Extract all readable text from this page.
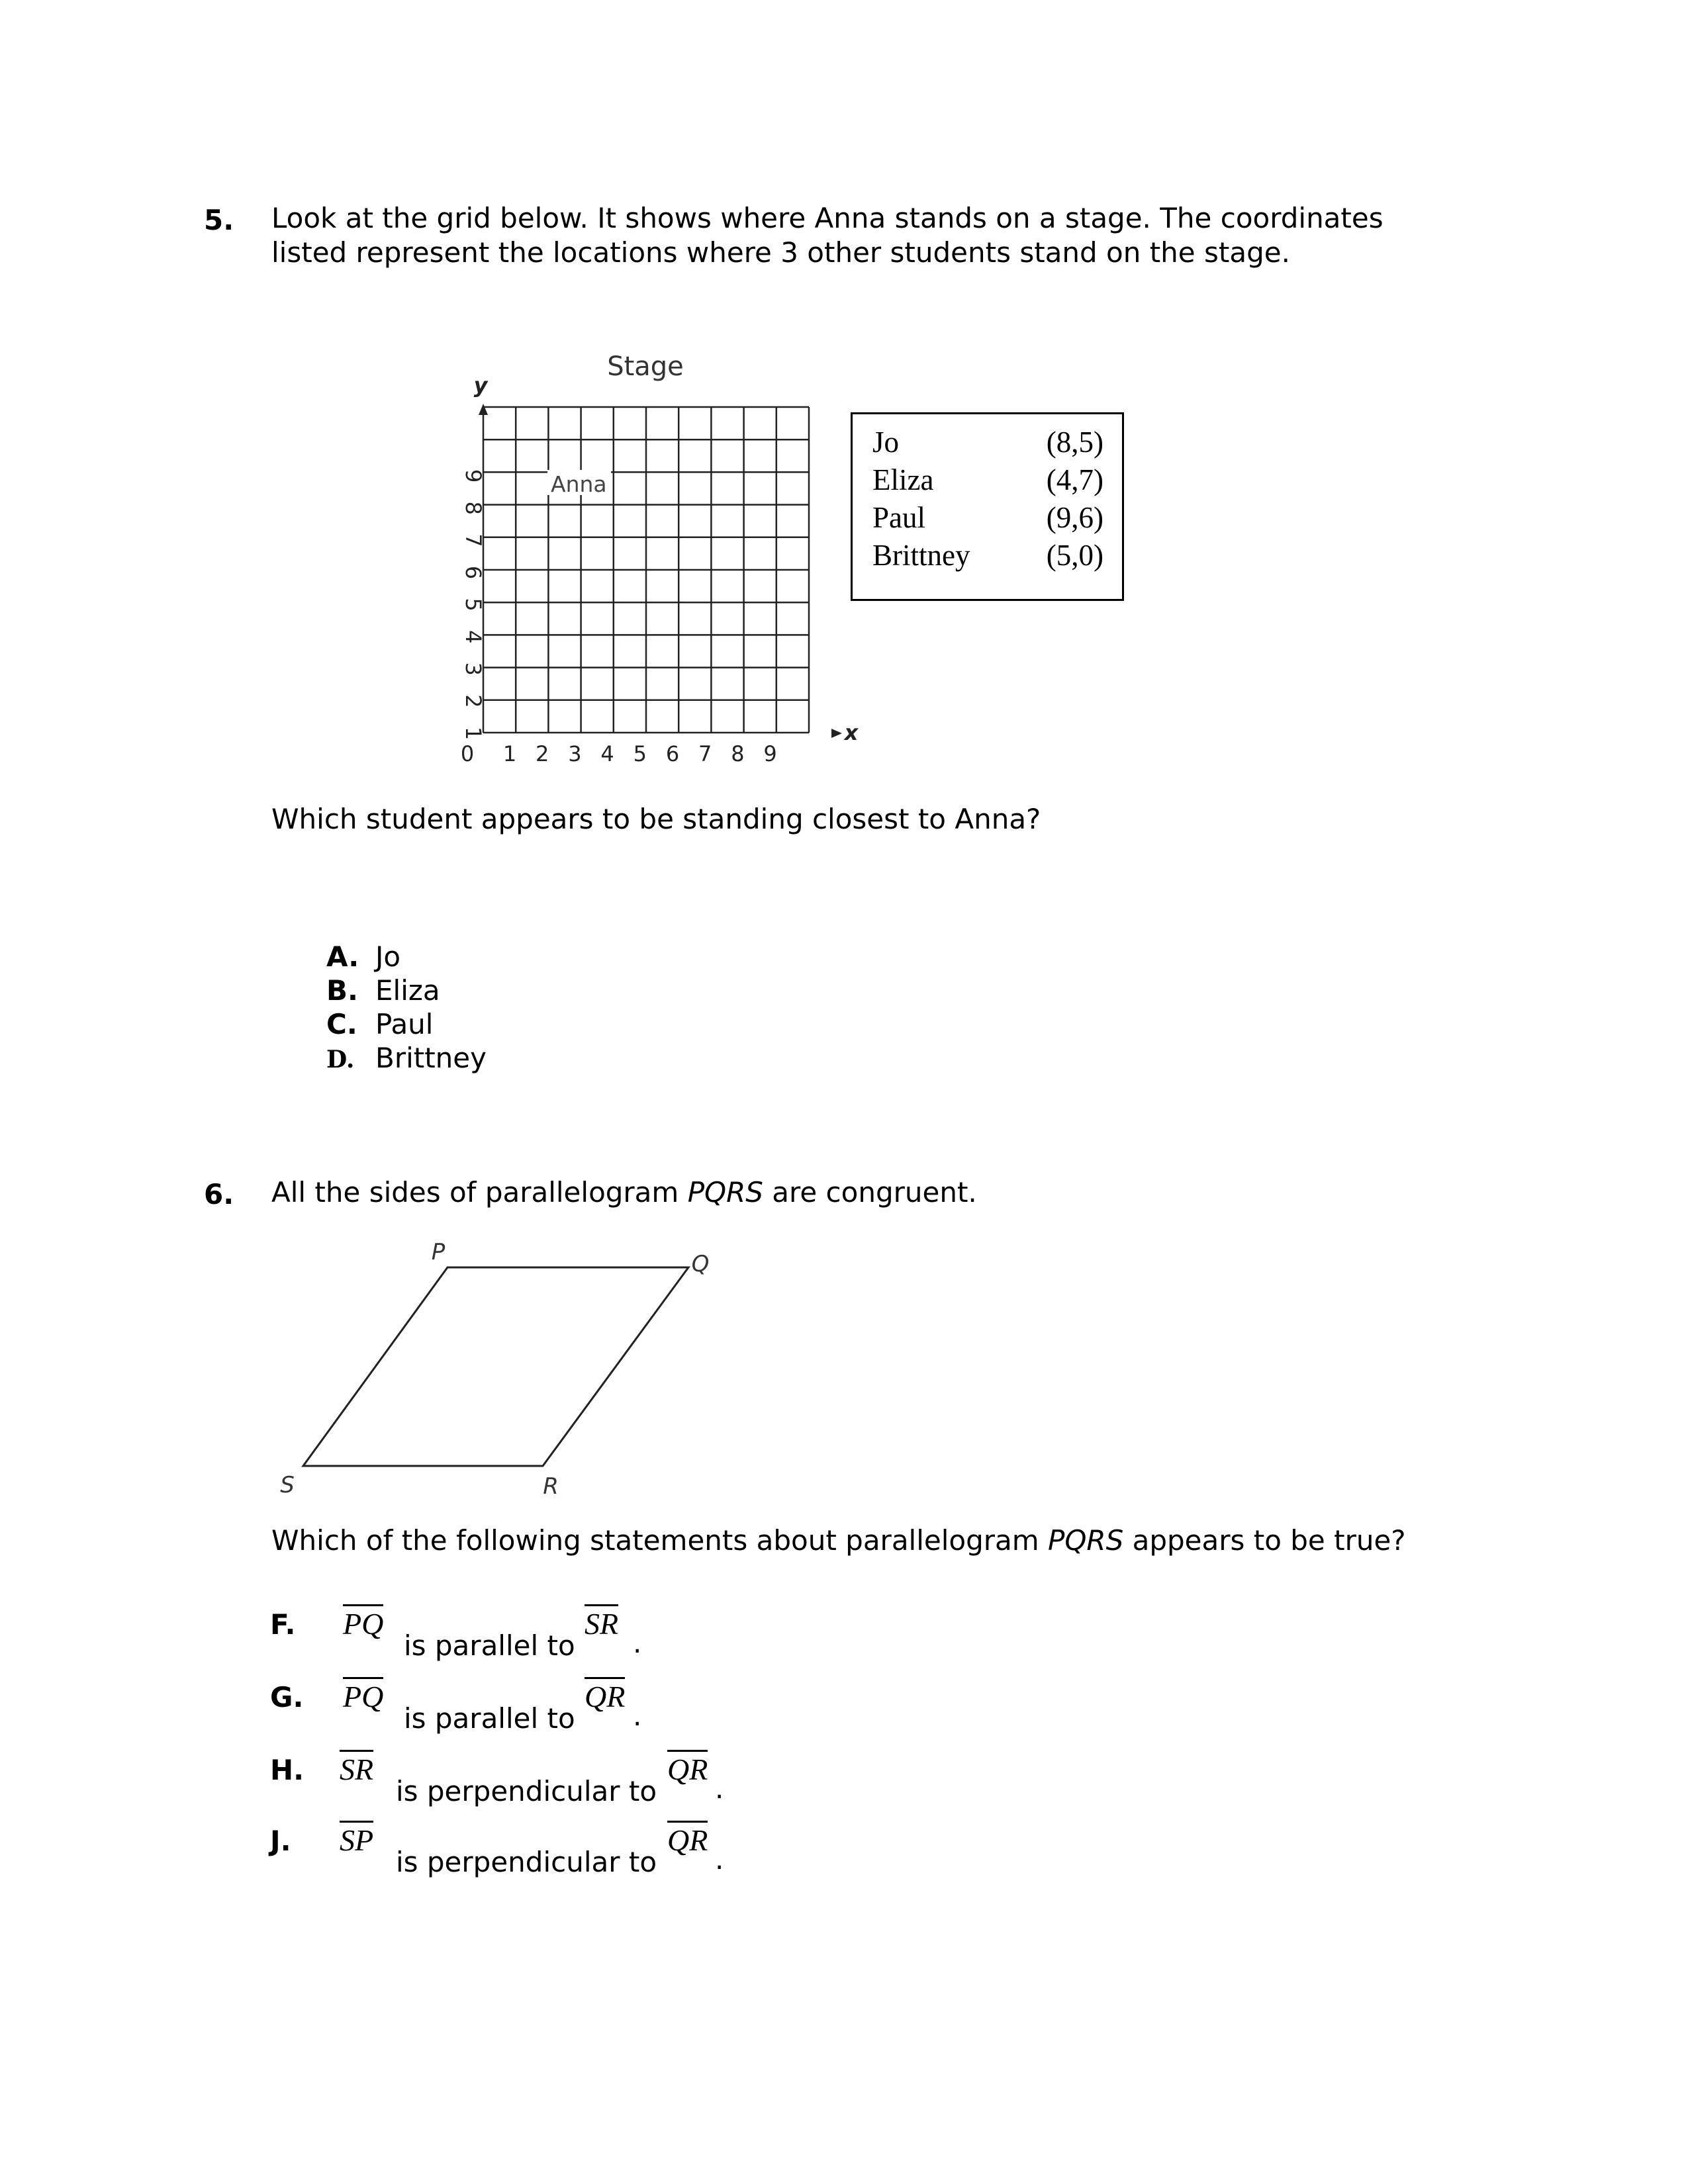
5. Look at the grid below. It shows where Anna stands on a stage. The coordinates listed represent the locations where 3 other students stand on the stage.
Stage
y
x
0 1 2 3 4 5 6 7 8 9
1
2
3
4
5
6
7
8
9	Anna
Jo	(8,5)
Eliza	(4,7)
Paul	(9,6)
Brittney	(5,0)
Which student appears to be standing closest to Anna?
A. Jo
B. Eliza
C. Paul
D. Brittney
6. All the sides of parallelogram PQRS are congruent.
P	Q
R
S
Which of the following statements about parallelogram PQRS appears to be true?
F. PQ
is parallel to
SR
.
G. PQ
is parallel to
QR
.
H. SR
is perpendicular to
QR
.
J. SP
is perpendicular to
QR
.
